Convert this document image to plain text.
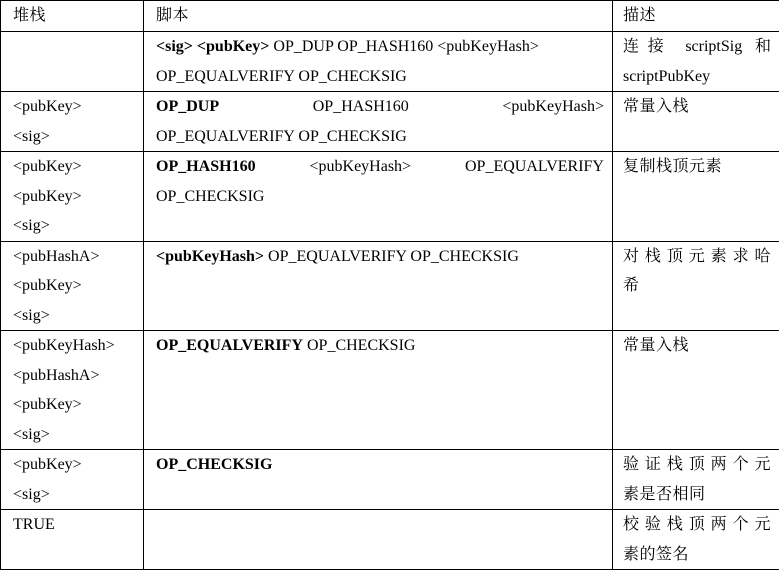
堆栈	脚本	描述

	<sig> <pubKey> OP_DUP OP_HASH160 <pubKeyHash>
OP_EQUALVERIFY OP_CHECKSIG	连接 scriptSig 和
scriptPubKey

<pubKey>
<sig>	OP_DUP OP_HASH160 <pubKeyHash>
OP_EQUALVERIFY OP_CHECKSIG	常量入栈

<pubKey>
<pubKey>
<sig>	OP_HASH160 <pubKeyHash> OP_EQUALVERIFY
OP_CHECKSIG	复制栈顶元素

<pubHashA>
<pubKey>
<sig>	<pubKeyHash> OP_EQUALVERIFY OP_CHECKSIG	对栈顶元素求哈
希

<pubKeyHash>
<pubHashA>
<pubKey>
<sig>	OP_EQUALVERIFY OP_CHECKSIG	常量入栈

<pubKey>
<sig>	OP_CHECKSIG	验证栈顶两个元
素是否相同

TRUE		校验栈顶两个元
素的签名
